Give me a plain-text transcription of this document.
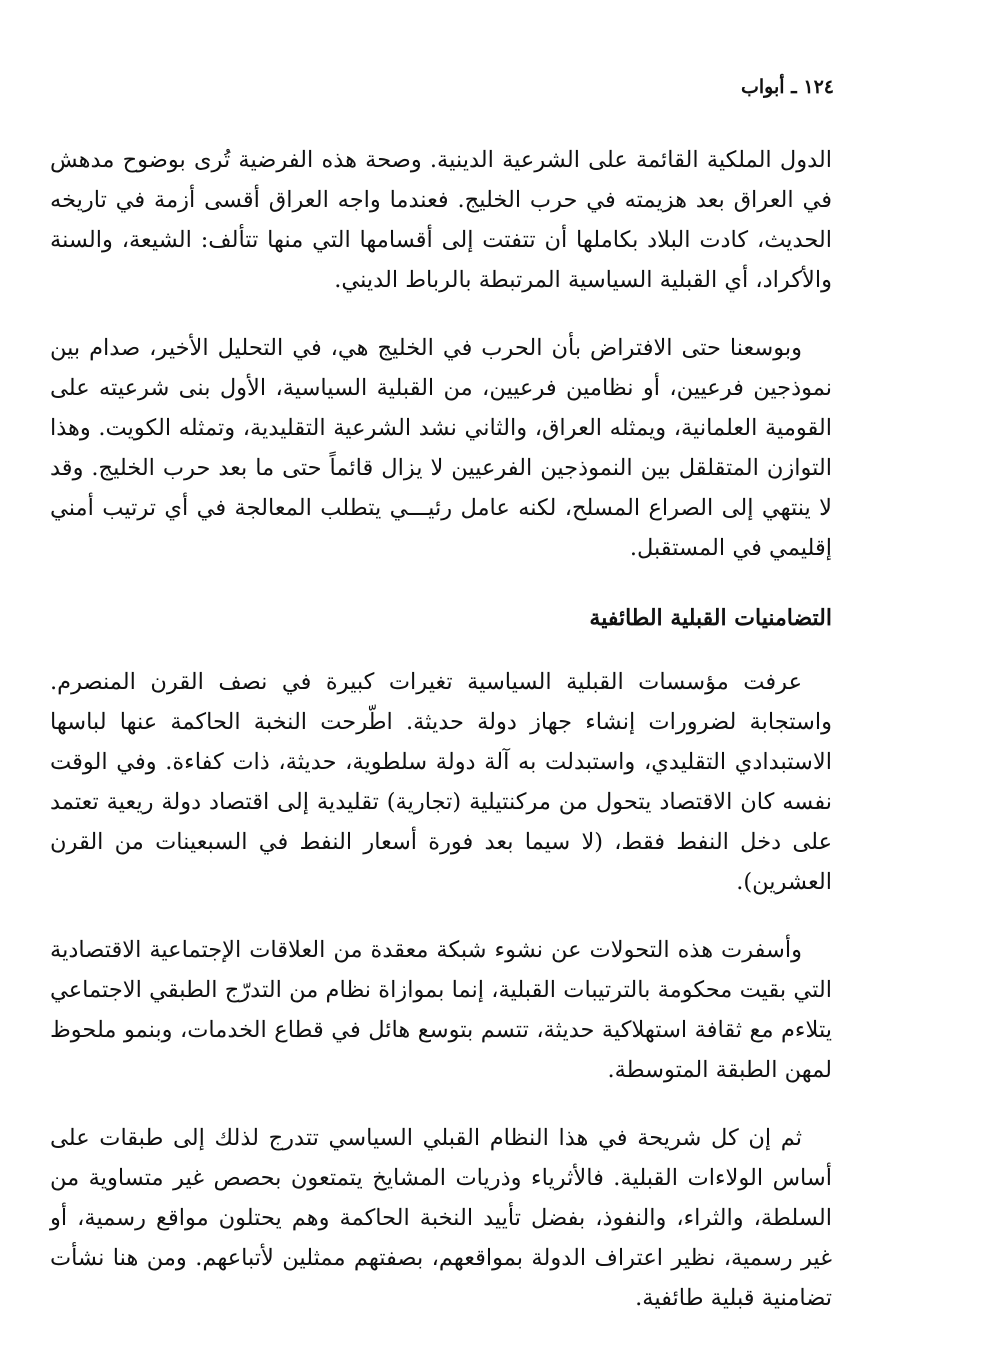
١٢٤ ـ أبواب

الدول الملكية القائمة على الشرعية الدينية. وصحة هذه الفرضية تُرى بوضوح مدهش في العراق بعد هزيمته في حرب الخليج. فعندما واجه العراق أقسى أزمة في تاريخه الحديث، كادت البلاد بكاملها أن تتفتت إلى أقسامها التي منها تتألف: الشيعة، والسنة والأكراد، أي القبلية السياسية المرتبطة بالرباط الديني.

وبوسعنا حتى الافتراض بأن الحرب في الخليج هي، في التحليل الأخير، صدام بين نموذجين فرعيين، أو نظامين فرعيين، من القبلية السياسية، الأول بنى شرعيته على القومية العلمانية، ويمثله العراق، والثاني نشد الشرعية التقليدية، وتمثله الكويت. وهذا التوازن المتقلقل بين النموذجين الفرعيين لا يزال قائماً حتى ما بعد حرب الخليج. وقد لا ينتهي إلى الصراع المسلح، لكنه عامل رئيـــي يتطلب المعالجة في أي ترتيب أمني إقليمي في المستقبل.

التضامنيات القبلية الطائفية

عرفت مؤسسات القبلية السياسية تغيرات كبيرة في نصف القرن المنصرم. واستجابة لضرورات إنشاء جهاز دولة حديثة. اطّرحت النخبة الحاكمة عنها لباسها الاستبدادي التقليدي، واستبدلت به آلة دولة سلطوية، حديثة، ذات كفاءة. وفي الوقت نفسه كان الاقتصاد يتحول من مركنتيلية (تجارية) تقليدية إلى اقتصاد دولة ريعية تعتمد على دخل النفط فقط، (لا سيما بعد فورة أسعار النفط في السبعينات من القرن العشرين).

وأسفرت هذه التحولات عن نشوء شبكة معقدة من العلاقات الإجتماعية الاقتصادية التي بقيت محكومة بالترتيبات القبلية، إنما بموازاة نظام من التدرّج الطبقي الاجتماعي يتلاءم مع ثقافة استهلاكية حديثة، تتسم بتوسع هائل في قطاع الخدمات، وبنمو ملحوظ لمهن الطبقة المتوسطة.

ثم إن كل شريحة في هذا النظام القبلي السياسي تتدرج لذلك إلى طبقات على أساس الولاءات القبلية. فالأثرياء وذريات المشايخ يتمتعون بحصص غير متساوية من السلطة، والثراء، والنفوذ، بفضل تأييد النخبة الحاكمة وهم يحتلون مواقع رسمية، أو غير رسمية، نظير اعتراف الدولة بمواقعهم، بصفتهم ممثلين لأتباعهم. ومن هنا نشأت تضامنية قبلية طائفية.
